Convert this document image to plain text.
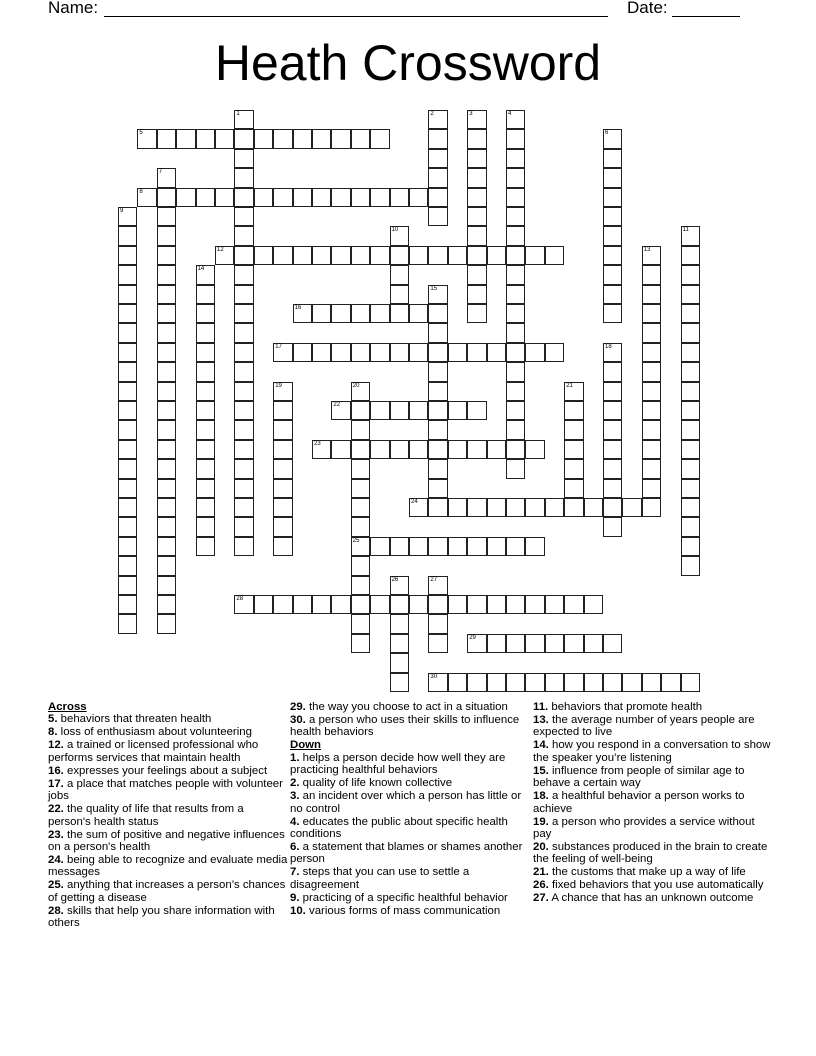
Name:	Date:
Heath Crossword
1	2	3	4
5	6
7
8
9
10	11
12	13
14
15
16
17	18
19	20
25
21
22
23
24
26	27
28
29
30
Across
5. behaviors that threaten health
8. loss of enthusiasm about volunteering
12. a trained or licensed professional who performs services that maintain health
16. expresses your feelings about a subject
17. a place that matches people with volunteer jobs
22. the quality of life that results from a person's health status
23. the sum of positive and negative influences on a person's health
24. being able to recognize and evaluate media messages
25. anything that increases a person’s chances of getting a disease
28. skills that help you share information with others
29. the way you choose to act in a situation
30. a person who uses their skills to influence health behaviors
Down
1. helps a person decide how well they are practicing healthful behaviors
2. quality of life known collective
3. an incident over which a person has little or no control
4. educates the public about specific health conditions
6. a statement that blames or shames another person
7. steps that you can use to settle a disagreement
9. practicing of a specific healthful behavior
10. various forms of mass communication
11. behaviors that promote health
13. the average number of years people are expected to live
14. how you respond in a conversation to show the speaker you’re listening
15. influence from people of similar age to behave a certain way
18. a healthful behavior a person works to achieve
19. a person who provides a service without pay
20. substances produced in the brain to create the feeling of well-being
21. the customs that make up a way of life
26. fixed behaviors that you use automatically
27. A chance that has an unknown outcome
